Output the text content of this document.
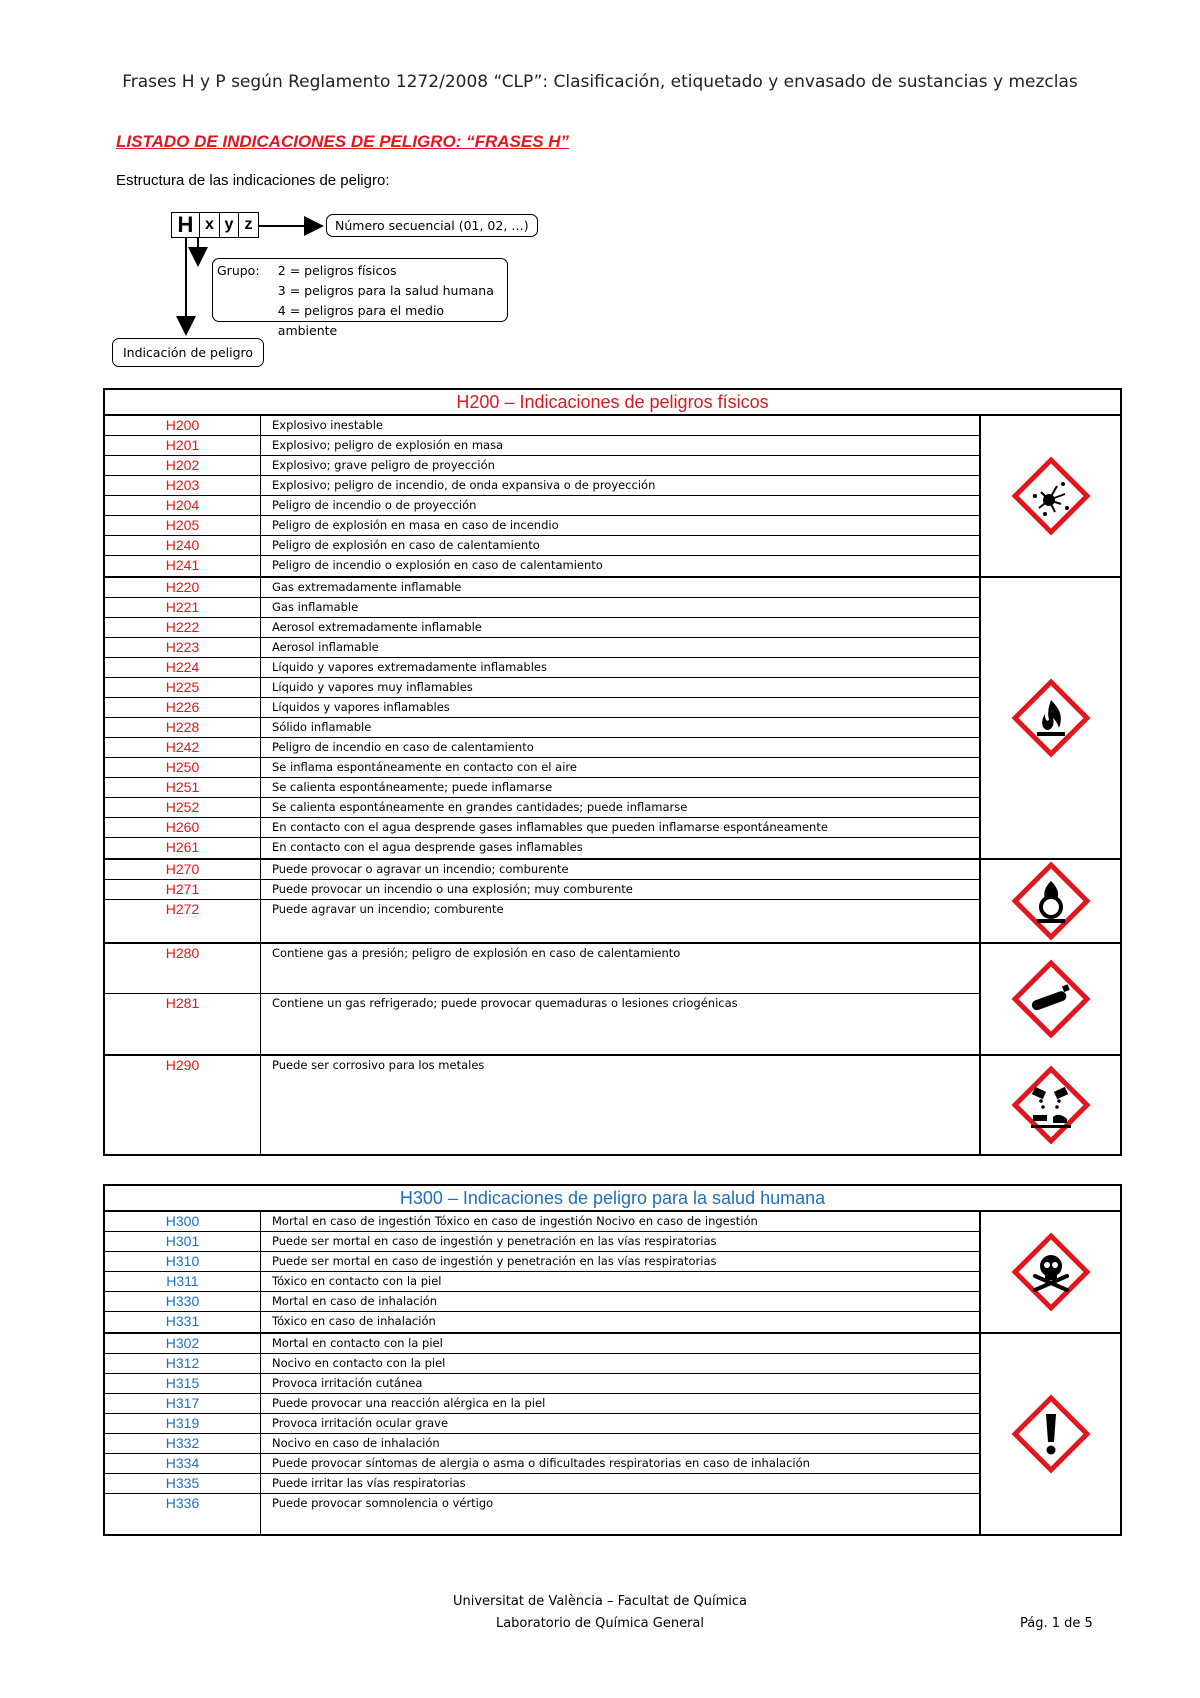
Frases H y P según Reglamento 1272/2008 “CLP”: Clasificación, etiquetado y envasado de sustancias y mezclas
LISTADO DE INDICACIONES DE PELIGRO: “FRASES H”
Estructura de las indicaciones de peligro:
H x y z	Número secuencial (01, 02, …)
Grupo:	2 = peligros físicos
3 = peligros para la salud humana
4 = peligros para el medio ambiente
Indicación de peligro
H200 – Indicaciones de peligros físicos
H200	Explosivo inestable
H201	Explosivo; peligro de explosión en masa
H202	Explosivo; grave peligro de proyección
H203	Explosivo; peligro de incendio, de onda expansiva o de proyección
H204	Peligro de incendio o de proyección
H205	Peligro de explosión en masa en caso de incendio
H240	Peligro de explosión en caso de calentamiento
H241	Peligro de incendio o explosión en caso de calentamiento
H220	Gas extremadamente inflamable
H221	Gas inflamable
H222	Aerosol extremadamente inflamable
H223	Aerosol inflamable
H224	Líquido y vapores extremadamente inflamables
H225	Líquido y vapores muy inflamables
H226	Líquidos y vapores inflamables
H228	Sólido inflamable
H242	Peligro de incendio en caso de calentamiento
H250	Se inflama espontáneamente en contacto con el aire
H251	Se calienta espontáneamente; puede inflamarse
H252	Se calienta espontáneamente en grandes cantidades; puede inflamarse
H260	En contacto con el agua desprende gases inflamables que pueden inflamarse espontáneamente
H261	En contacto con el agua desprende gases inflamables
H270	Puede provocar o agravar un incendio; comburente
H271	Puede provocar un incendio o una explosión; muy comburente
H272	Puede agravar un incendio; comburente
H280	Contiene gas a presión; peligro de explosión en caso de calentamiento
H281	Contiene un gas refrigerado; puede provocar quemaduras o lesiones criogénicas
H290	Puede ser corrosivo para los metales
H300 – Indicaciones de peligro para la salud humana
H300	Mortal en caso de ingestión Tóxico en caso de ingestión Nocivo en caso de ingestión
H301	Puede ser mortal en caso de ingestión y penetración en las vías respiratorias
H310	Puede ser mortal en caso de ingestión y penetración en las vías respiratorias
H311	Tóxico en contacto con la piel
H330	Mortal en caso de inhalación
H331	Tóxico en caso de inhalación
H302	Mortal en contacto con la piel
H312	Nocivo en contacto con la piel
H315	Provoca irritación cutánea
H317	Puede provocar una reacción alérgica en la piel
H319	Provoca irritación ocular grave
H332	Nocivo en caso de inhalación
H334	Puede provocar síntomas de alergia o asma o dificultades respiratorias en caso de inhalación
H335	Puede irritar las vías respiratorias
H336	Puede provocar somnolencia o vértigo
Universitat de València – Facultat de Química
Laboratorio de Química General	Pág. 1 de 5
